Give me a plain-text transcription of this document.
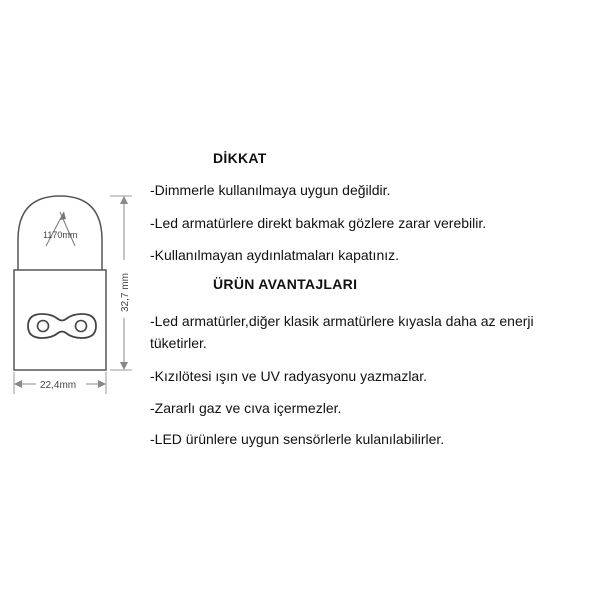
1170mm
32,7 mm
22,4mm
DİKKAT
-Dimmerle kullanılmaya uygun değildir.
-Led armatürlere direkt bakmak gözlere zarar verebilir.
-Kullanılmayan aydınlatmaları kapatınız.
ÜRÜN AVANTAJLARI
-Led armatürler,diğer klasik armatürlere kıyasla daha az enerji tüketirler.
-Kızılötesi ışın ve UV radyasyonu yazmazlar.
-Zararlı gaz ve cıva içermezler.
-LED ürünlere uygun sensörlerle kulanılabilirler.
